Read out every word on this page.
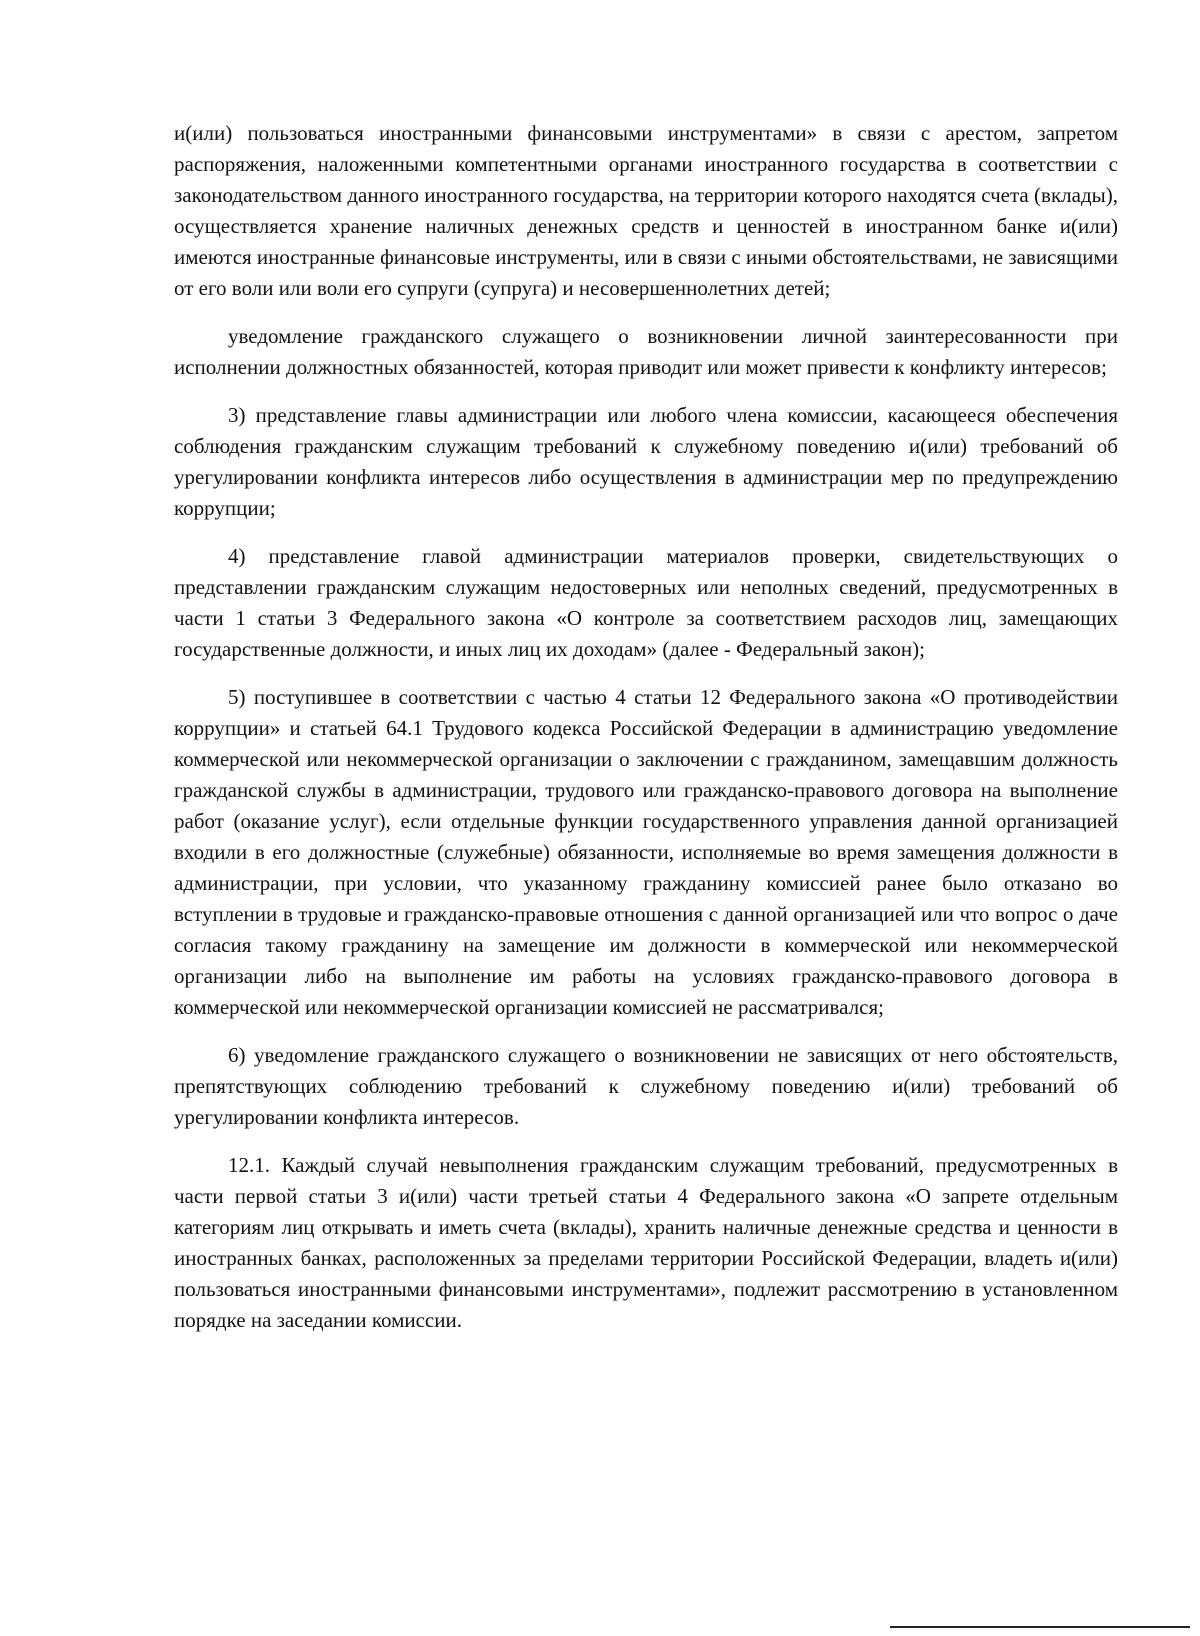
и(или) пользоваться иностранными финансовыми инструментами» в связи с арестом, запретом распоряжения, наложенными компетентными органами иностранного государства в соответствии с законодательством данного иностранного государства, на территории которого находятся счета (вклады), осуществляется хранение наличных денежных средств и ценностей в иностранном банке и(или) имеются иностранные финансовые инструменты, или в связи с иными обстоятельствами, не зависящими от его воли или воли его супруги (супруга) и несовершеннолетних детей;

уведомление гражданского служащего о возникновении личной заинтересованности при исполнении должностных обязанностей, которая приводит или может привести к конфликту интересов;

3) представление главы администрации или любого члена комиссии, касающееся обеспечения соблюдения гражданским служащим требований к служебному поведению и(или) требований об урегулировании конфликта интересов либо осуществления в администрации мер по предупреждению коррупции;

4) представление главой администрации материалов проверки, свидетельствующих о представлении гражданским служащим недостоверных или неполных сведений, предусмотренных в части 1 статьи 3 Федерального закона «О контроле за соответствием расходов лиц, замещающих государственные должности, и иных лиц их доходам» (далее - Федеральный закон);

5) поступившее в соответствии с частью 4 статьи 12 Федерального закона «О противодействии коррупции» и статьей 64.1 Трудового кодекса Российской Федерации в администрацию уведомление коммерческой или некоммерческой организации о заключении с гражданином, замещавшим должность гражданской службы в администрации, трудового или гражданско-правового договора на выполнение работ (оказание услуг), если отдельные функции государственного управления данной организацией входили в его должностные (служебные) обязанности, исполняемые во время замещения должности в администрации, при условии, что указанному гражданину комиссией ранее было отказано во вступлении в трудовые и гражданско-правовые отношения с данной организацией или что вопрос о даче согласия такому гражданину на замещение им должности в коммерческой или некоммерческой организации либо на выполнение им работы на условиях гражданско-правового договора в коммерческой или некоммерческой организации комиссией не рассматривался;

6) уведомление гражданского служащего о возникновении не зависящих от него обстоятельств, препятствующих соблюдению требований к служебному поведению и(или) требований об урегулировании конфликта интересов.

12.1. Каждый случай невыполнения гражданским служащим требований, предусмотренных в части первой статьи 3 и(или) части третьей статьи 4 Федерального закона «О запрете отдельным категориям лиц открывать и иметь счета (вклады), хранить наличные денежные средства и ценности в иностранных банках, расположенных за пределами территории Российской Федерации, владеть и(или) пользоваться иностранными финансовыми инструментами», подлежит рассмотрению в установленном порядке на заседании комиссии.
